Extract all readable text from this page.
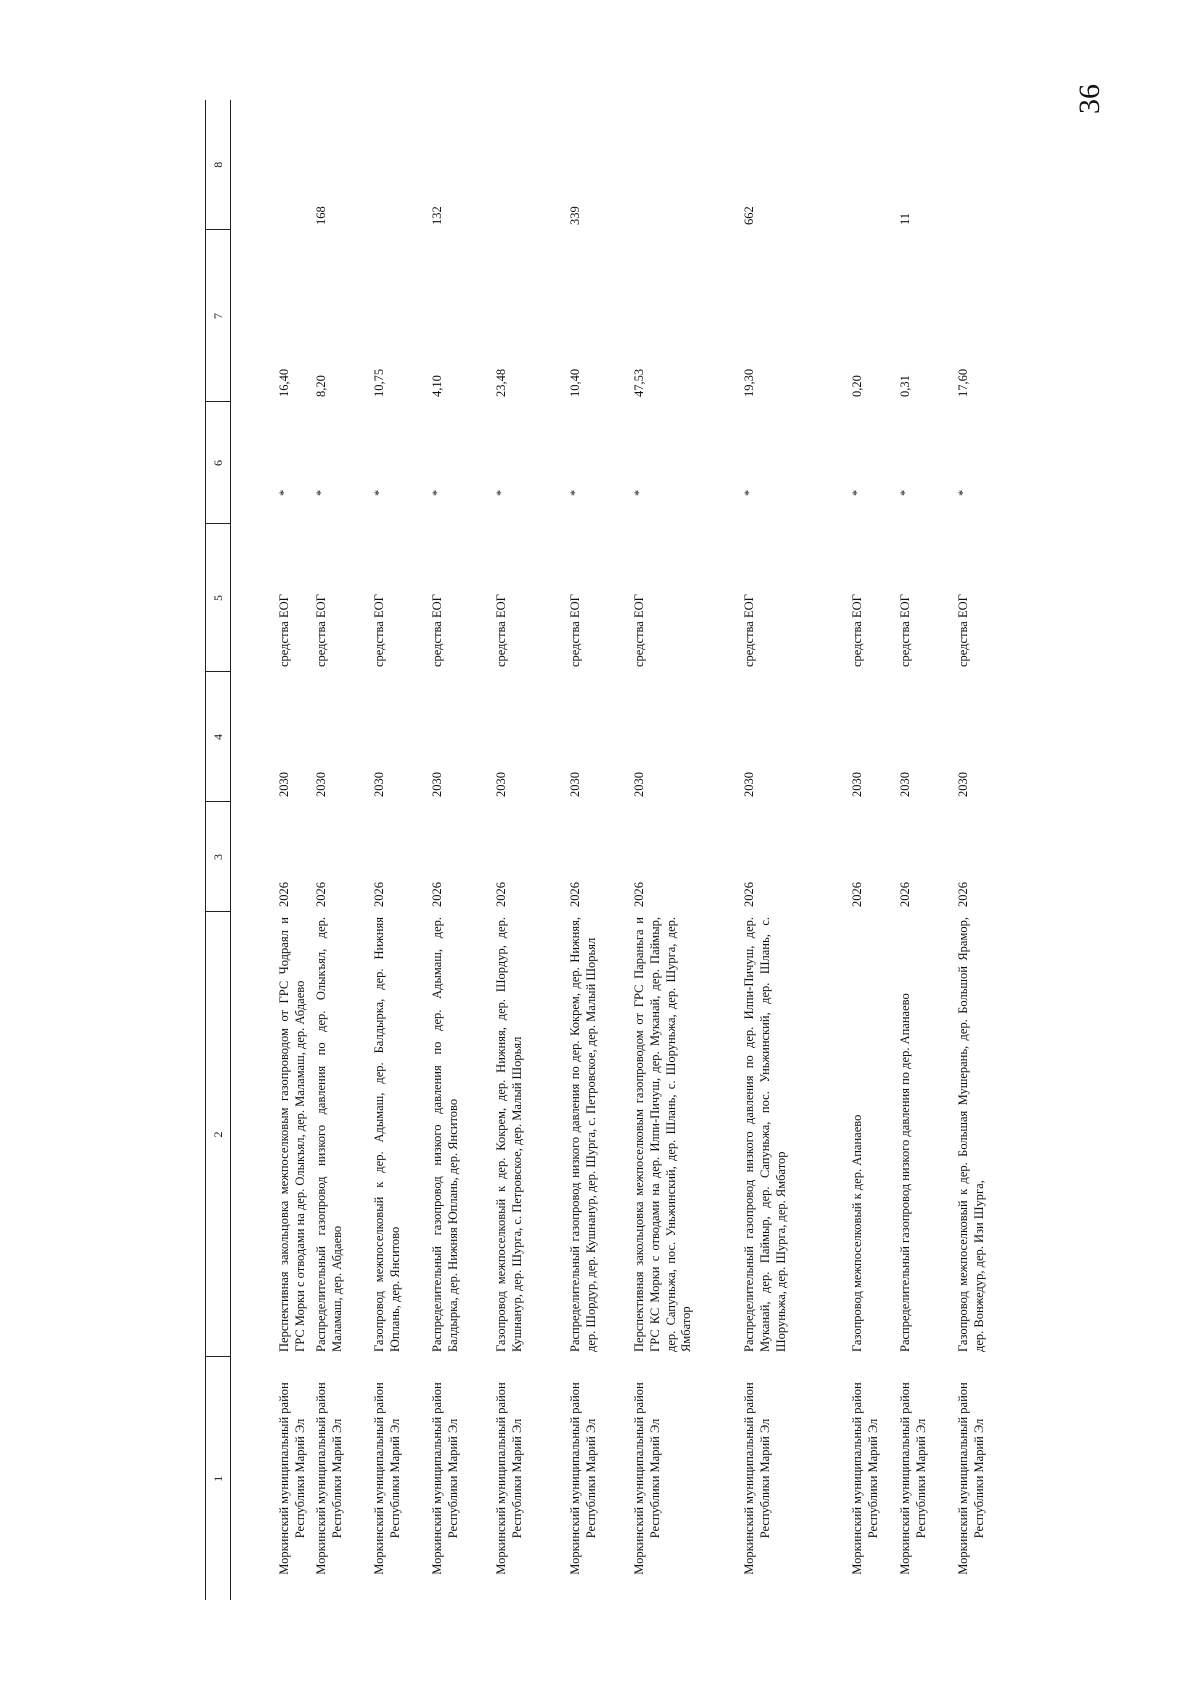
36
1	2	3	4	5	6	7	8
Моркинский муниципальный район Республики Марий Эл	Перспективная закольцовка межпоселковым газопроводом от ГРС Чодраял и ГРС Морки с отводами на дер. Олыкъял, дер. Маламаш, дер. Абдаево	2026	2030	средства ЕОГ	*	16,40	
Моркинский муниципальный район Республики Марий Эл	Распределительный газопровод низкого давления по дер. Олыкъял, дер. Маламаш, дер. Абдаево	2026	2030	средства ЕОГ	*	8,20	168
Моркинский муниципальный район Республики Марий Эл	Газопровод межпоселковый к дер. Адымаш, дер. Балдырка, дер. Нижняя Юплань, дер. Янситово	2026	2030	средства ЕОГ	*	10,75	
Моркинский муниципальный район Республики Марий Эл	Распределительный газопровод низкого давления по дер. Адымаш, дер. Балдырка, дер. Нижняя Юплань, дер. Янситово	2026	2030	средства ЕОГ	*	4,10	132
Моркинский муниципальный район Республики Марий Эл	Газопровод межпоселковый к дер. Кокрем, дер. Нижняя, дер. Шордур, дер. Кушнанур, дер. Шурга, с. Петровское, дер. Малый Шорьял	2026	2030	средства ЕОГ	*	23,48	
Моркинский муниципальный район Республики Марий Эл	Распределительный газопровод низкого давления по дер. Кокрем, дер. Нижняя, дер. Шордур, дер. Кушнанур, дер. Шурга, с. Петровское, дер. Малый Шорьял	2026	2030	средства ЕОГ	*	10,40	339
Моркинский муниципальный район Республики Марий Эл	Перспективная закольцовка межпоселковым газопроводом от ГРС Параньга и ГРС КС Морки с отводами на дер. Илпи-Пичуш, дер. Муканай, дер. Паймыр, дер. Сапуньжа, пос. Уньжинский, дер. Шлань, с. Шоруньжа, дер. Шурга, дер. Ямбатор	2026	2030	средства ЕОГ	*	47,53	
Моркинский муниципальный район Республики Марий Эл	Распределительный газопровод низкого давления по дер. Илпи-Пичуш, дер. Муканай, дер. Паймыр, дер. Сапуньжа, пос. Уньжинский, дер. Шлань, с. Шоруньжа, дер. Шурга, дер. Ямбатор	2026	2030	средства ЕОГ	*	19,30	662
Моркинский муниципальный район Республики Марий Эл	Газопровод межпоселковый к дер. Апанаево	2026	2030	средства ЕОГ	*	0,20	
Моркинский муниципальный район Республики Марий Эл	Распределительный газопровод низкого давления по дер. Апанаево	2026	2030	средства ЕОГ	*	0,31	11
Моркинский муниципальный район Республики Марий Эл	Газопровод межпоселковый к дер. Большая Мушерань, дер. Большой Ярамор, дер. Вонжедур, дер. Изи Шурга,	2026	2030	средства ЕОГ	*	17,60	
